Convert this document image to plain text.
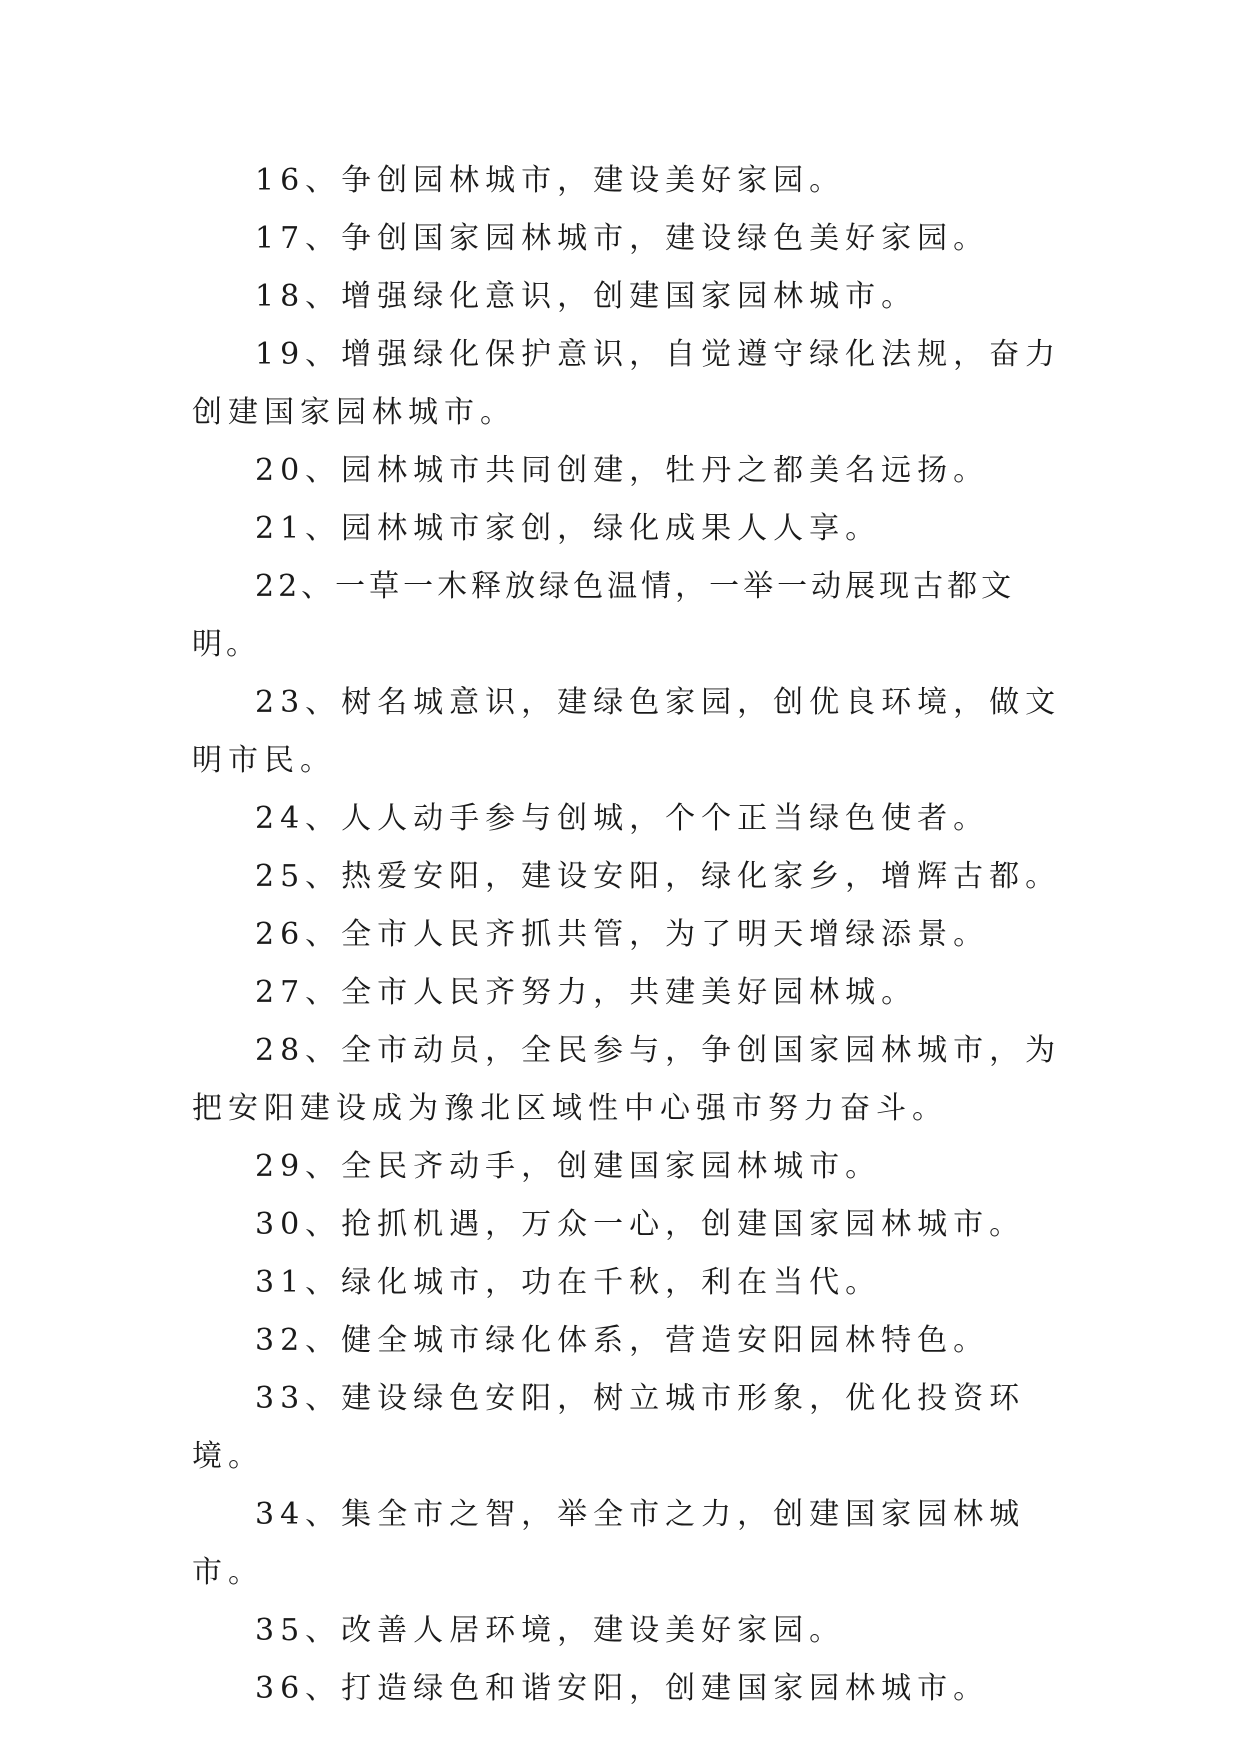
16、争创园林城市，建设美好家园。

17、争创国家园林城市，建设绿色美好家园。

18、增强绿化意识，创建国家园林城市。

19、增强绿化保护意识，自觉遵守绿化法规，奋力创建国家园林城市。

20、园林城市共同创建，牡丹之都美名远扬。

21、园林城市家创，绿化成果人人享。

22、一草一木释放绿色温情，一举一动展现古都文明。

23、树名城意识，建绿色家园，创优良环境，做文明市民。

24、人人动手参与创城，个个正当绿色使者。

25、热爱安阳，建设安阳，绿化家乡，增辉古都。

26、全市人民齐抓共管，为了明天增绿添景。

27、全市人民齐努力，共建美好园林城。

28、全市动员，全民参与，争创国家园林城市，为把安阳建设成为豫北区域性中心强市努力奋斗。

29、全民齐动手，创建国家园林城市。

30、抢抓机遇，万众一心，创建国家园林城市。

31、绿化城市，功在千秋，利在当代。

32、健全城市绿化体系，营造安阳园林特色。

33、建设绿色安阳，树立城市形象，优化投资环境。

34、集全市之智，举全市之力，创建国家园林城市。

35、改善人居环境，建设美好家园。

36、打造绿色和谐安阳，创建国家园林城市。
